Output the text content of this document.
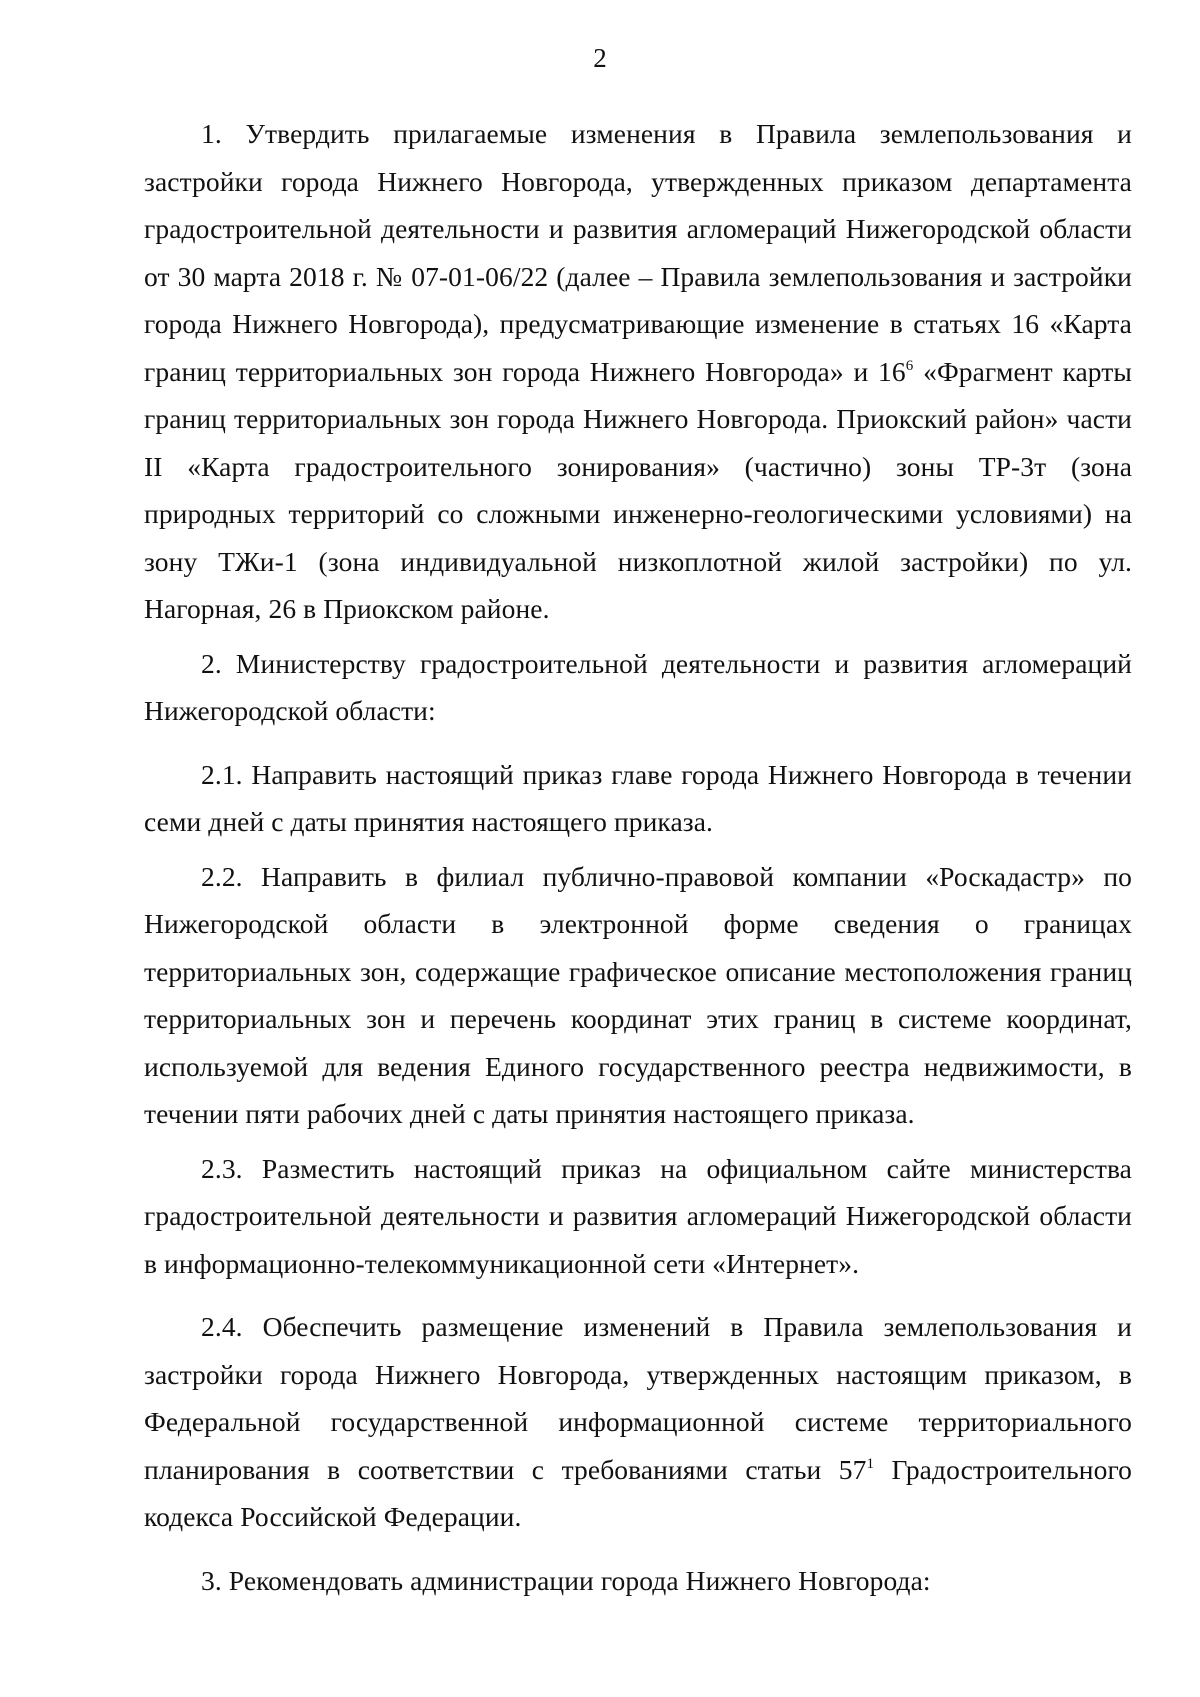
2

1. Утвердить прилагаемые изменения в Правила землепользования и застройки города Нижнего Новгорода, утвержденных приказом департамента градостроительной деятельности и развития агломераций Нижегородской области от 30 марта 2018 г. № 07-01-06/22 (далее – Правила землепользования и застройки города Нижнего Новгорода), предусматривающие изменение в статьях 16 «Карта границ территориальных зон города Нижнего Новгорода» и $16^6$ «Фрагмент карты границ территориальных зон города Нижнего Новгорода. Приокский район» части II «Карта градостроительного зонирования» (частично) зоны ТР-3т (зона природных территорий со сложными инженерно-геологическими условиями) на зону ТЖи-1 (зона индивидуальной низкоплотной жилой застройки) по ул. Нагорная, 26 в Приокском районе.

2. Министерству градостроительной деятельности и развития агломераций Нижегородской области:

2.1. Направить настоящий приказ главе города Нижнего Новгорода в течении семи дней с даты принятия настоящего приказа.

2.2. Направить в филиал публично-правовой компании «Роскадастр» по Нижегородской области в электронной форме сведения о границах территориальных зон, содержащие графическое описание местоположения границ территориальных зон и перечень координат этих границ в системе координат, используемой для ведения Единого государственного реестра недвижимости, в течении пяти рабочих дней с даты принятия настоящего приказа.

2.3. Разместить настоящий приказ на официальном сайте министерства градостроительной деятельности и развития агломераций Нижегородской области в информационно-телекоммуникационной сети «Интернет».

2.4. Обеспечить размещение изменений в Правила землепользования и застройки города Нижнего Новгорода, утвержденных настоящим приказом, в Федеральной государственной информационной системе территориального планирования в соответствии с требованиями статьи $57^1$ Градостроительного кодекса Российской Федерации.

3. Рекомендовать администрации города Нижнего Новгорода:
